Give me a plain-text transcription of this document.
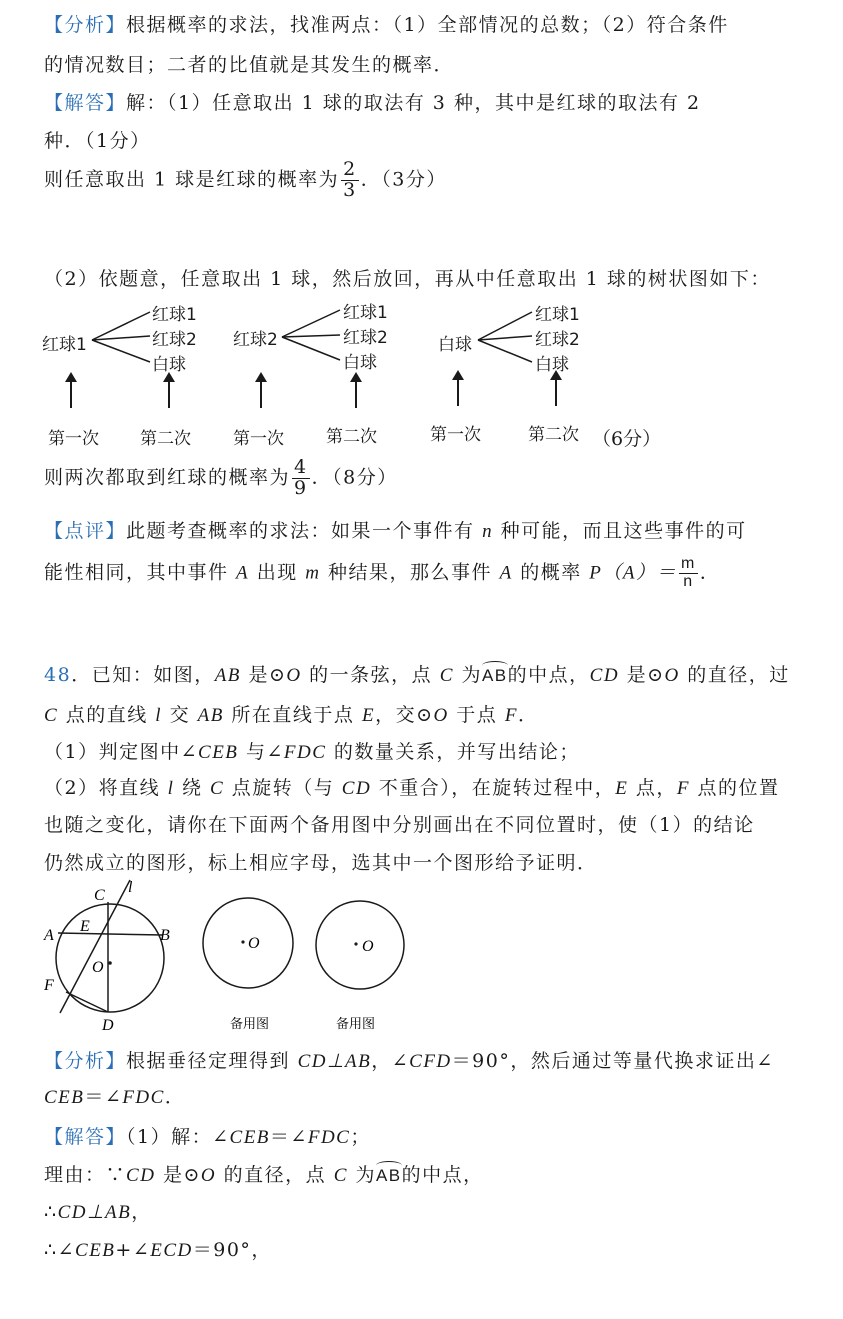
【分析】根据概率的求法，找准两点：（1）全部情况的总数；（2）符合条件
的情况数目；二者的比值就是其发生的概率．
【解答】解：（1）任意取出 1 球的取法有 3 种，其中是红球的取法有 2
种．（1分）
则任意取出 1 球是红球的概率为 $\frac{2}{3}$ ．（3分）
（2）依题意，任意取出 1 球，然后放回，再从中任意取出 1 球的树状图如下：
红球1
红球1
红球2
白球
红球2
红球1
红球2
白球
白球
红球1
红球2
白球
第一次 第二次 第一次 第二次	第一次	第二次 （6分）
则两次都取到红球的概率为 $\frac{4}{9}$ ．（8分）
【点评】此题考查概率的求法：如果一个事件有 n 种可能，而且这些事件的可
能性相同，其中事件 A 出现 m 种结果，那么事件 A 的概率 $P(A)= \frac{m}{n}$ ．
48．已知：如图，AB 是⊙O 的一条弦，点 C 为AB的中点，CD 是⊙O 的直径，过
C 点的直线 l 交 AB 所在直线于点 E，交⊙O 于点 F．
（1）判定图中∠CEB 与∠FDC 的数量关系，并写出结论；
（2）将直线 l 绕 C 点旋转（与 CD 不重合），在旋转过程中，E 点，F 点的位置
也随之变化，请你在下面两个备用图中分别画出在不同位置时，使（1）的结论
仍然成立的图形，标上相应字母，选其中一个图形给予证明．
C l
A
E
B
O
F
D
O	O
备用图	备用图
【分析】根据垂径定理得到 CD⊥AB，∠CFD＝90°，然后通过等量代换求证出∠
CEB＝∠FDC．
【解答】（1）解：∠CEB＝∠FDC；
理由：∵CD 是⊙O 的直径，点 C 为AB的中点，
∴CD⊥AB，
∴∠CEB+∠ECD＝90°，
